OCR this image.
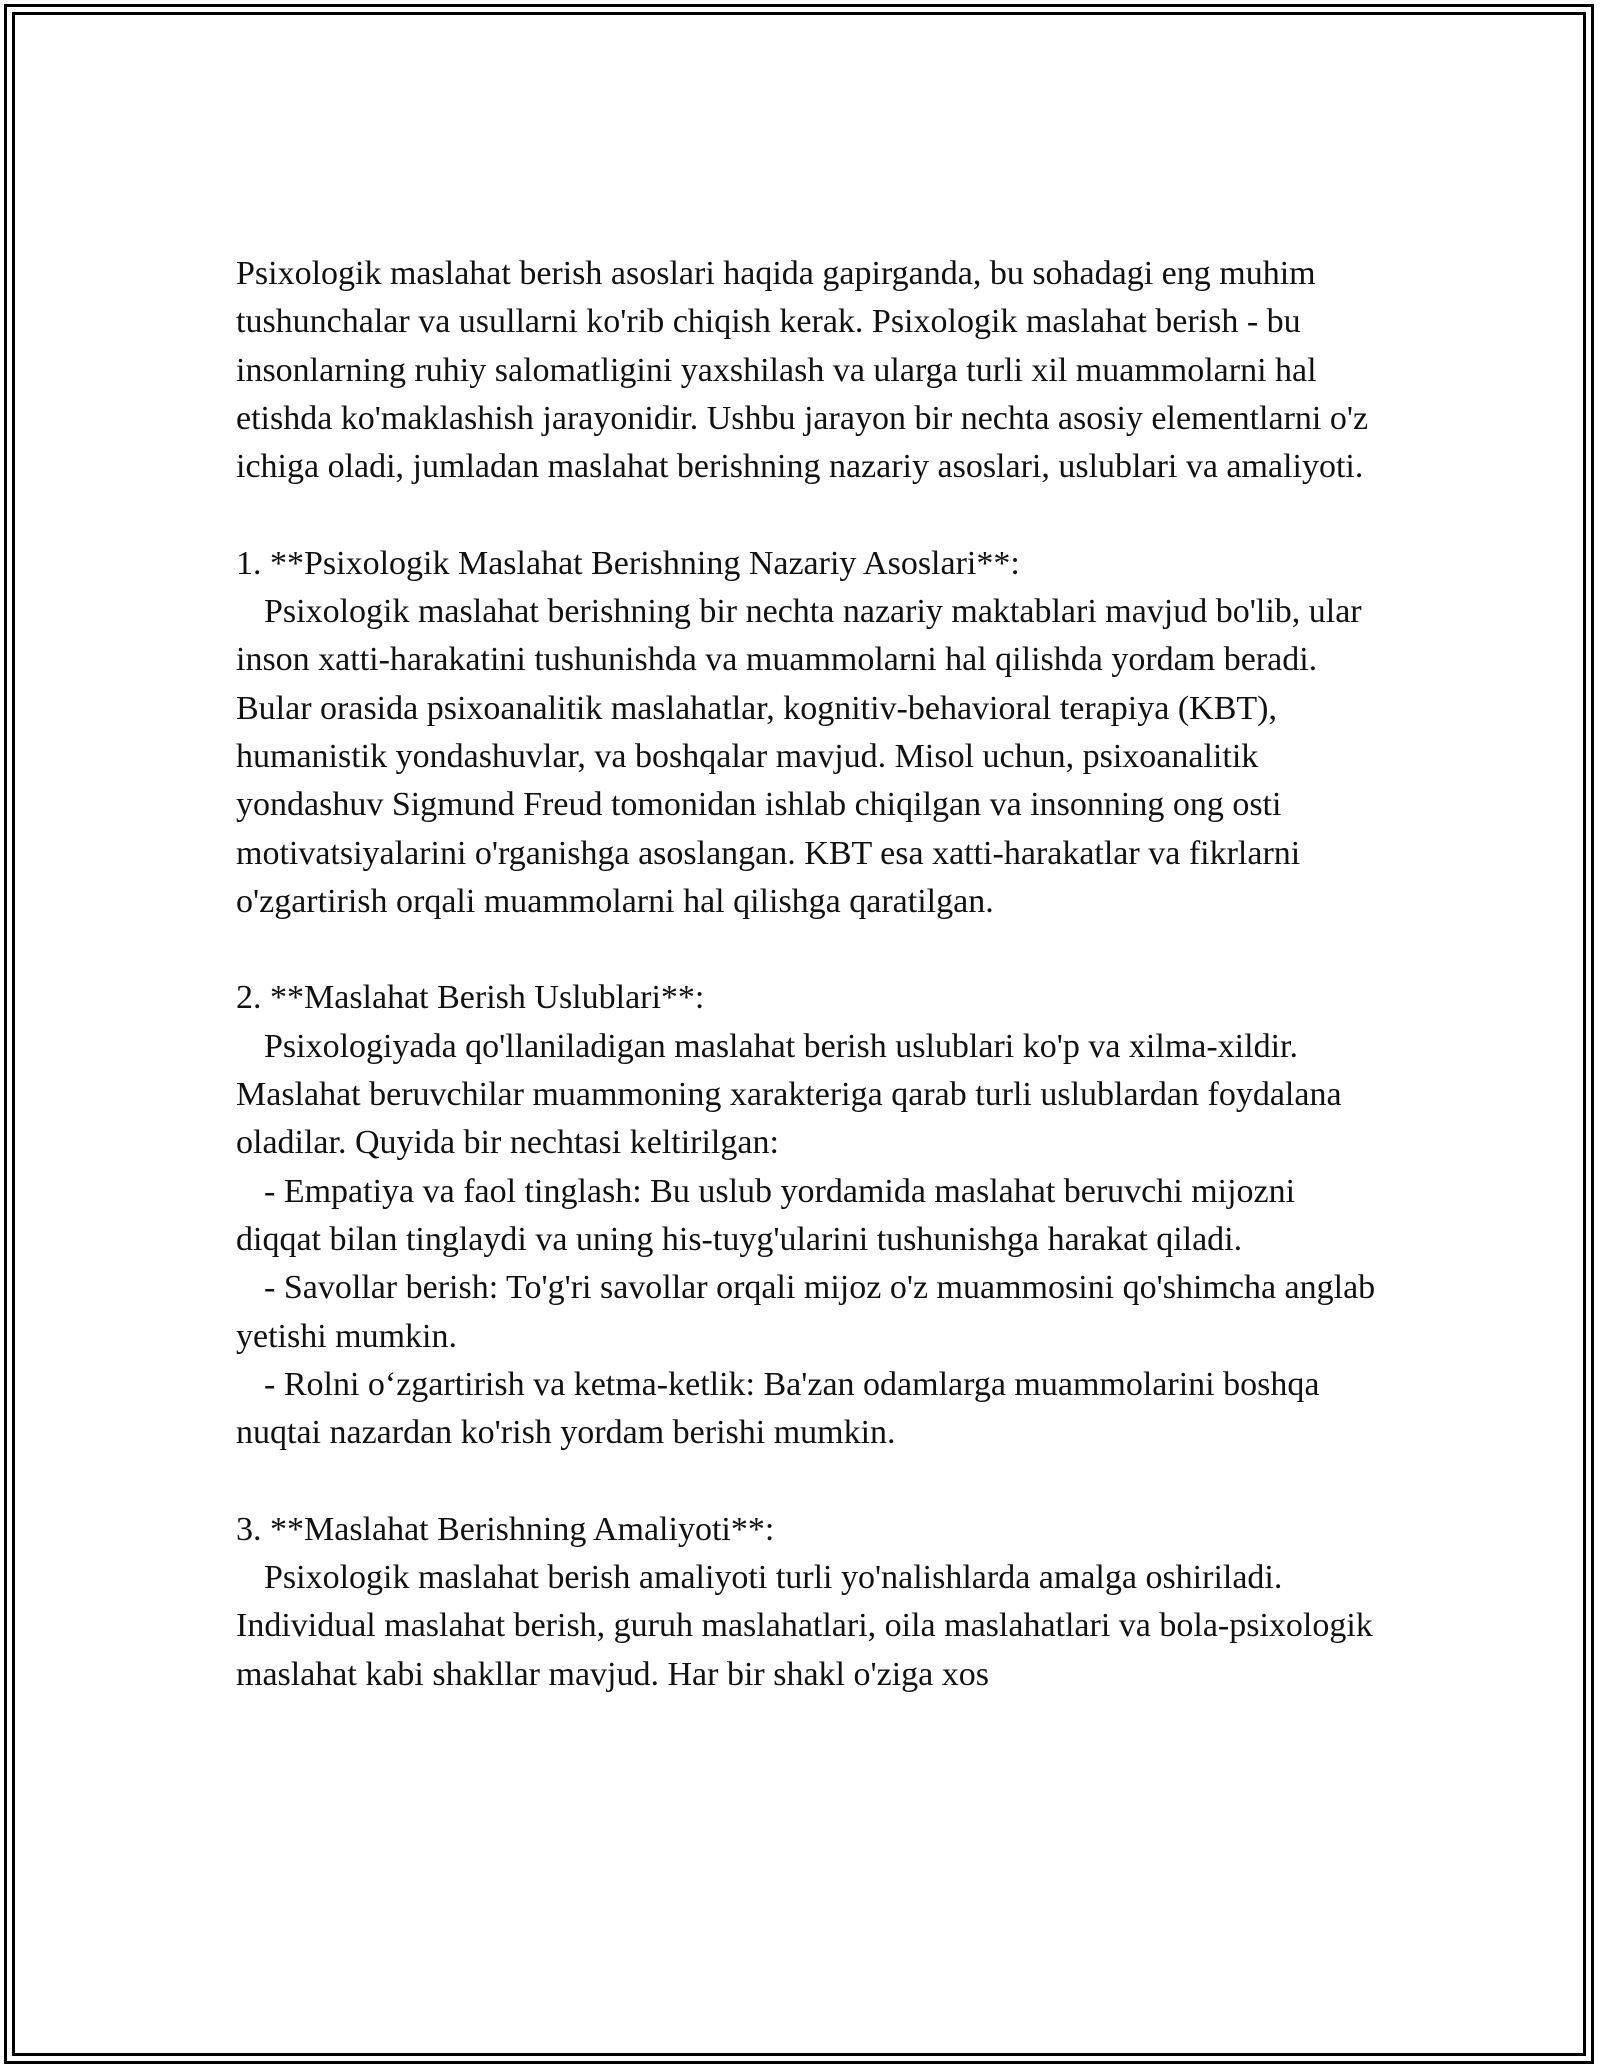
Psixologik maslahat berish asoslari haqida gapirganda, bu sohadagi eng muhim tushunchalar va usullarni ko'rib chiqish kerak. Psixologik maslahat berish - bu insonlarning ruhiy salomatligini yaxshilash va ularga turli xil muammolarni hal etishda ko'maklashish jarayonidir. Ushbu jarayon bir nechta asosiy elementlarni o'z ichiga oladi, jumladan maslahat berishning nazariy asoslari, uslublari va amaliyoti.

1. **Psixologik Maslahat Berishning Nazariy Asoslari**:

Psixologik maslahat berishning bir nechta nazariy maktablari mavjud bo'lib, ular inson xatti-harakatini tushunishda va muammolarni hal qilishda yordam beradi. Bular orasida psixoanalitik maslahatlar, kognitiv-behavioral terapiya (KBT), humanistik yondashuvlar, va boshqalar mavjud. Misol uchun, psixoanalitik yondashuv Sigmund Freud tomonidan ishlab chiqilgan va insonning ong osti motivatsiyalarini o'rganishga asoslangan. KBT esa xatti-harakatlar va fikrlarni o'zgartirish orqali muammolarni hal qilishga qaratilgan.

2. **Maslahat Berish Uslublari**:

Psixologiyada qo'llaniladigan maslahat berish uslublari ko'p va xilma-xildir. Maslahat beruvchilar muammoning xarakteriga qarab turli uslublardan foydalana oladilar. Quyida bir nechtasi keltirilgan:

- Empatiya va faol tinglash: Bu uslub yordamida maslahat beruvchi mijozni diqqat bilan tinglaydi va uning his-tuyg'ularini tushunishga harakat qiladi.

- Savollar berish: To'g'ri savollar orqali mijoz o'z muammosini qo'shimcha anglab yetishi mumkin.

- Rolni o‘zgartirish va ketma-ketlik: Ba'zan odamlarga muammolarini boshqa nuqtai nazardan ko'rish yordam berishi mumkin.

3. **Maslahat Berishning Amaliyoti**:

Psixologik maslahat berish amaliyoti turli yo'nalishlarda amalga oshiriladi. Individual maslahat berish, guruh maslahatlari, oila maslahatlari va bola-psixologik maslahat kabi shakllar mavjud. Har bir shakl o'ziga xos
